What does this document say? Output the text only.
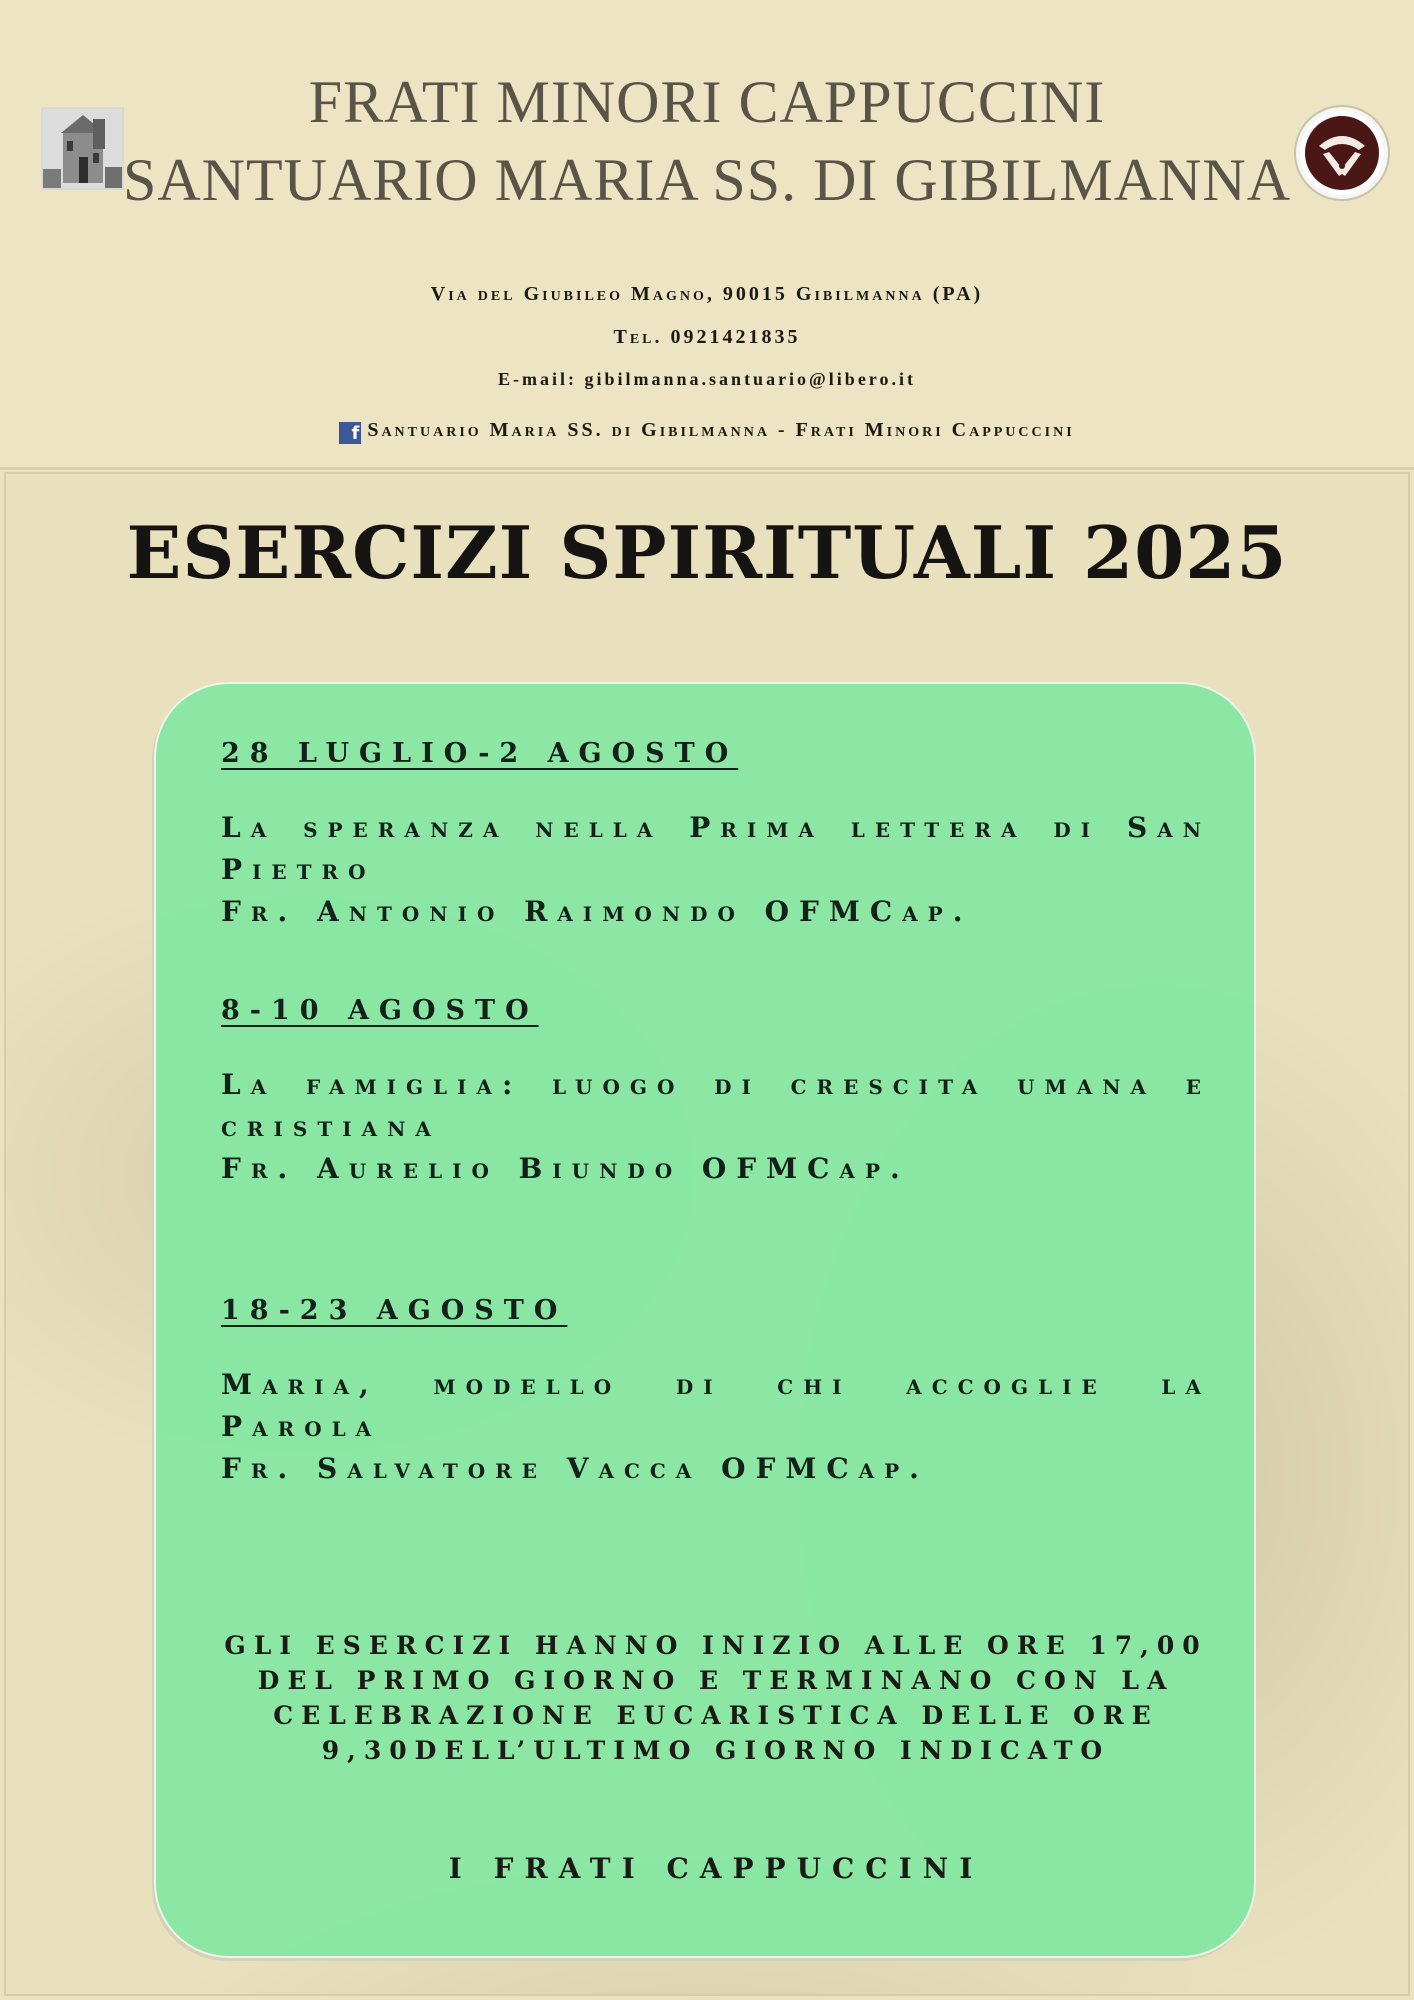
FRATI MINORI CAPPUCCINI
SANTUARIO MARIA SS. DI GIBILMANNA
Via del Giubileo Magno, 90015 Gibilmanna (PA)
Tel. 0921421835
E-mail: gibilmanna.santuario@libero.it
f Santuario Maria SS. di Gibilmanna - Frati Minori Cappuccini
ESERCIZI SPIRITUALI 2025
28 LUGLIO-2 AGOSTO
La speranza nella Prima lettera di San Pietro
Fr. Antonio Raimondo OFMCap.
8-10 AGOSTO
La famiglia: luogo di crescita umana e cristiana
Fr. Aurelio Biundo OFMCap.
18-23 AGOSTO
Maria, modello di chi accoglie la Parola
Fr. Salvatore Vacca OFMCap.
GLI ESERCIZI HANNO INIZIO ALLE ORE 17,00 DEL PRIMO GIORNO E TERMINANO CON LA CELEBRAZIONE EUCARISTICA DELLE ORE 9,30DELL’ULTIMO GIORNO INDICATO
I FRATI CAPPUCCINI
